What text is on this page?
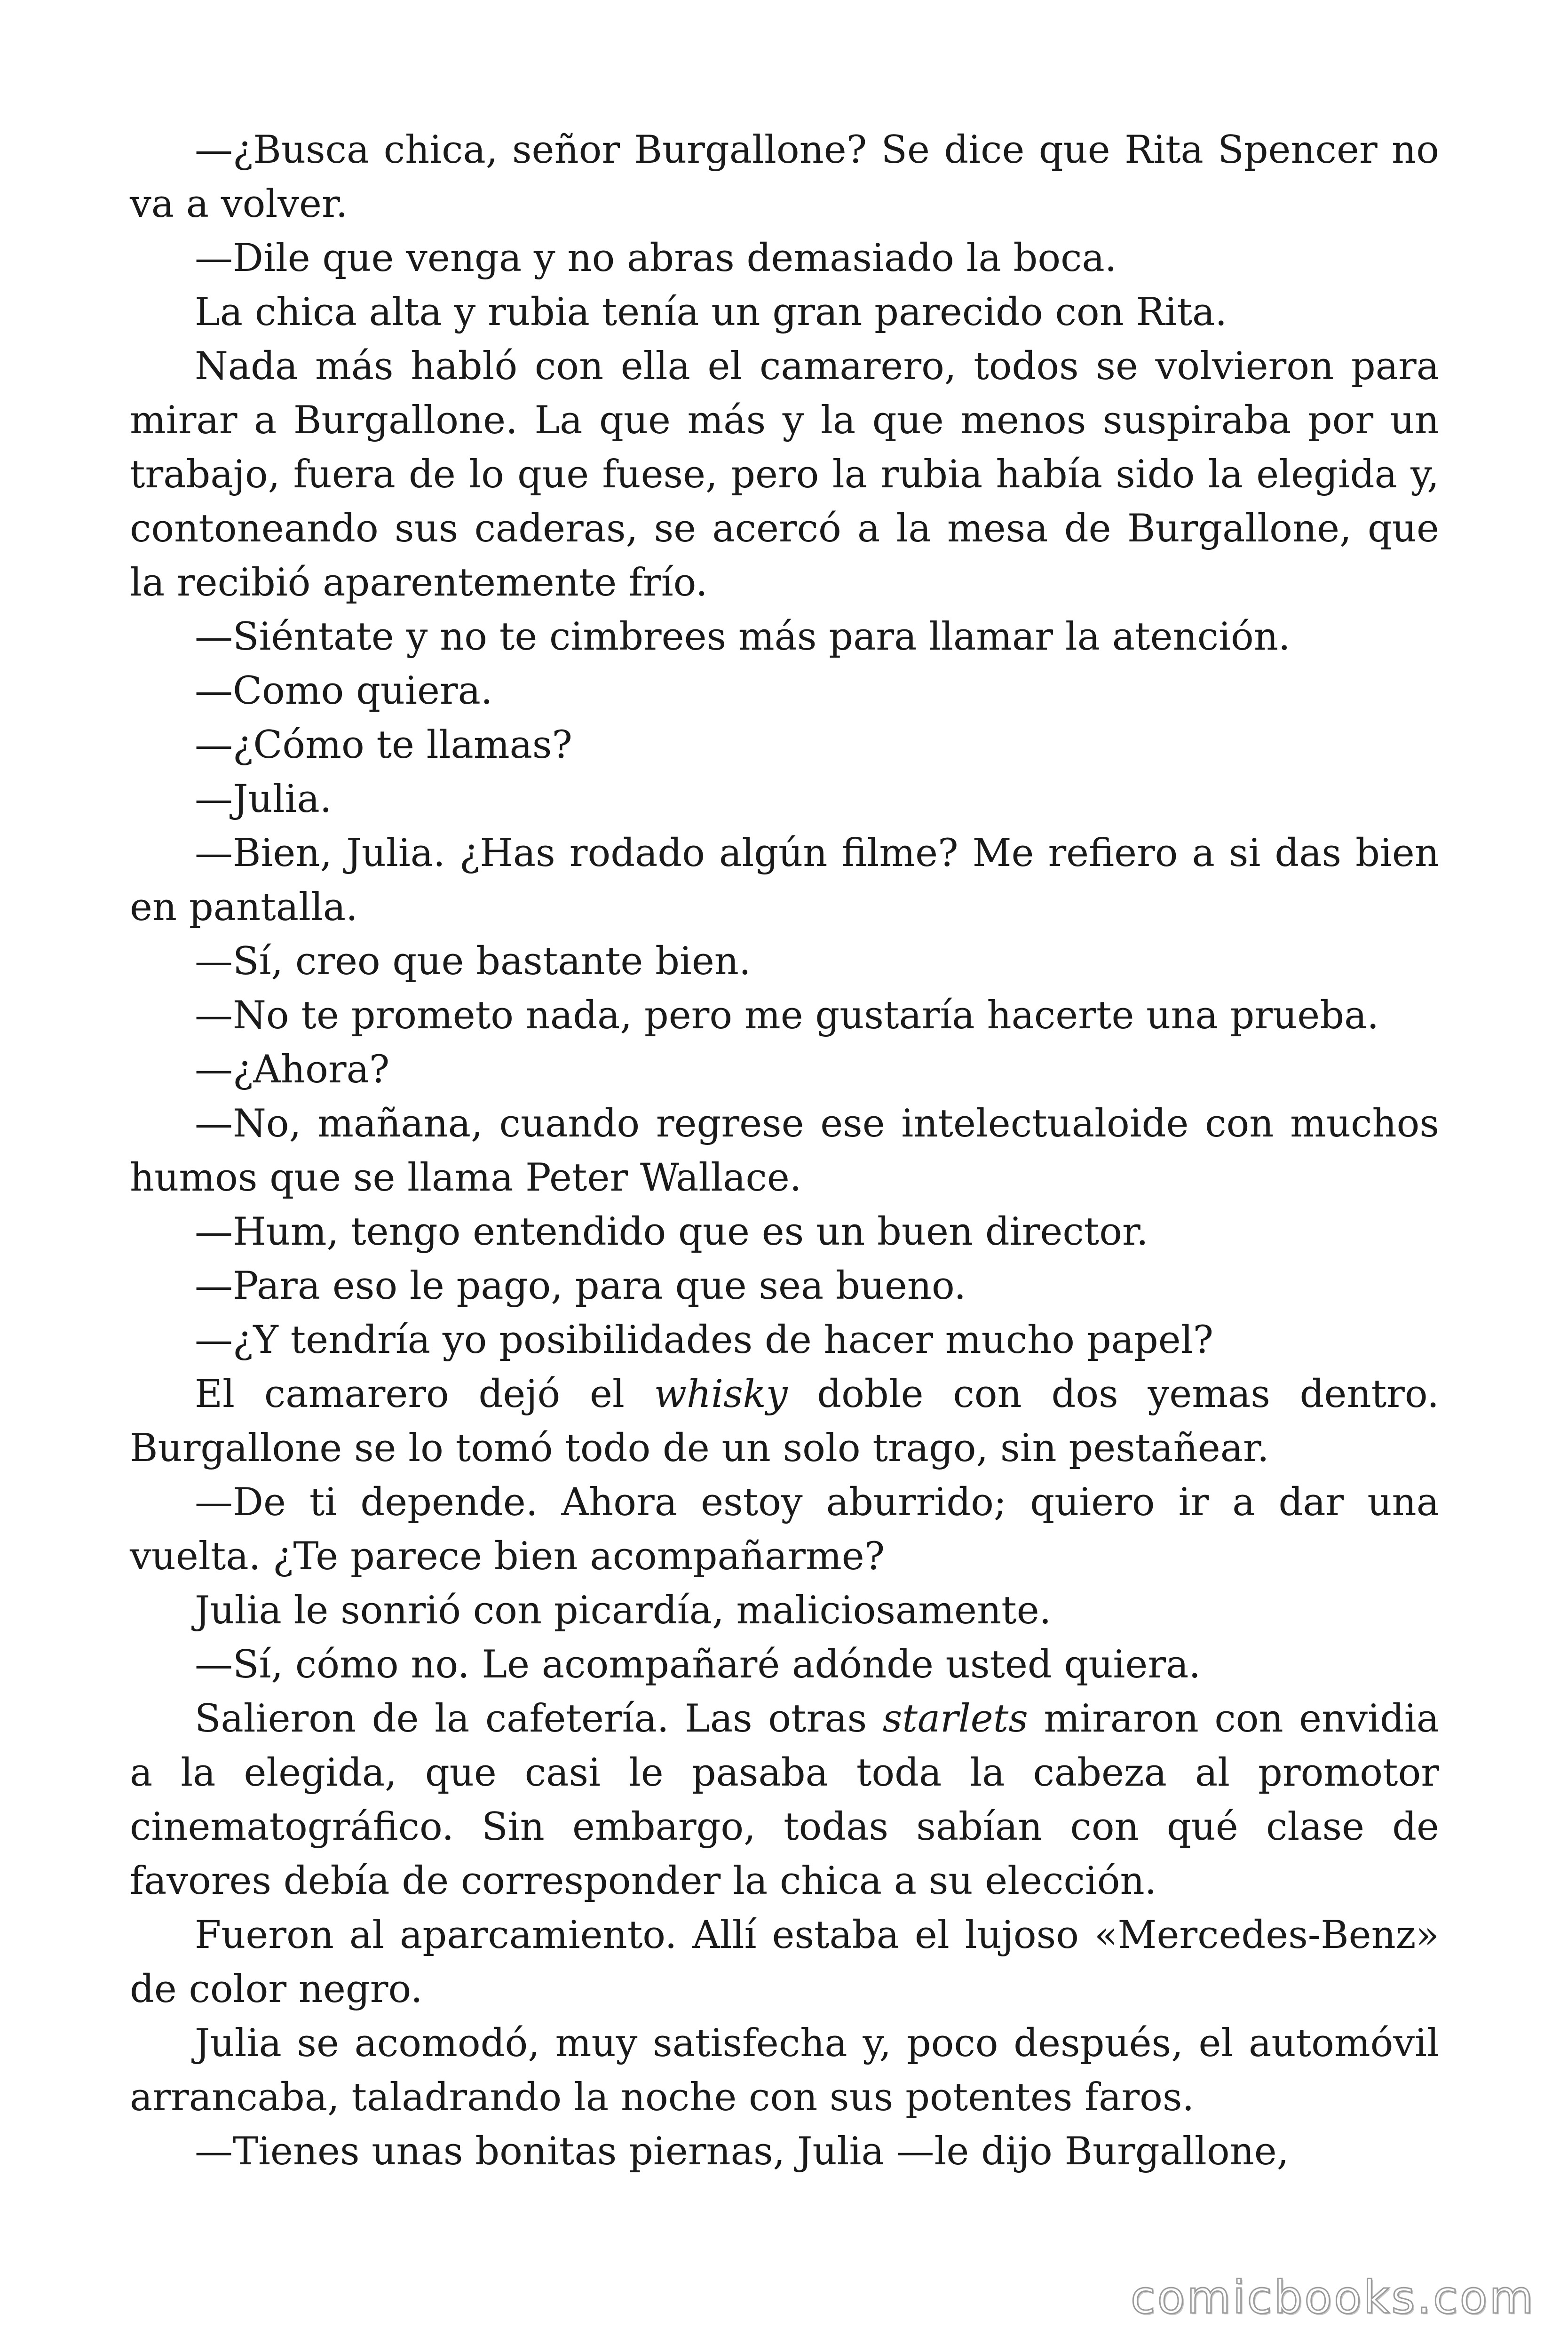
—¿Busca chica, señor Burgallone? Se dice que Rita Spencer no va a volver.

—Dile que venga y no abras demasiado la boca.

La chica alta y rubia tenía un gran parecido con Rita.

Nada más habló con ella el camarero, todos se volvieron para mirar a Burgallone. La que más y la que menos suspiraba por un trabajo, fuera de lo que fuese, pero la rubia había sido la elegida y, contoneando sus caderas, se acercó a la mesa de Burgallone, que la recibió aparentemente frío.

—Siéntate y no te cimbrees más para llamar la atención.

—Como quiera.

—¿Cómo te llamas?

—Julia.

—Bien, Julia. ¿Has rodado algún filme? Me refiero a si das bien en pantalla.

—Sí, creo que bastante bien.

—No te prometo nada, pero me gustaría hacerte una prueba.

—¿Ahora?

—No, mañana, cuando regrese ese intelectualoide con muchos humos que se llama Peter Wallace.

—Hum, tengo entendido que es un buen director.

—Para eso le pago, para que sea bueno.

—¿Y tendría yo posibilidades de hacer mucho papel?

El camarero dejó el whisky doble con dos yemas dentro. Burgallone se lo tomó todo de un solo trago, sin pestañear.

—De ti depende. Ahora estoy aburrido; quiero ir a dar una vuelta. ¿Te parece bien acompañarme?

Julia le sonrió con picardía, maliciosamente.

—Sí, cómo no. Le acompañaré adónde usted quiera.

Salieron de la cafetería. Las otras starlets miraron con envidia a la elegida, que casi le pasaba toda la cabeza al promotor cinematográfico. Sin embargo, todas sabían con qué clase de favores debía de corresponder la chica a su elección.

Fueron al aparcamiento. Allí estaba el lujoso «Mercedes-Benz» de color negro.

Julia se acomodó, muy satisfecha y, poco después, el automóvil arrancaba, taladrando la noche con sus potentes faros.

—Tienes unas bonitas piernas, Julia —le dijo Burgallone,

comicbooks.com
